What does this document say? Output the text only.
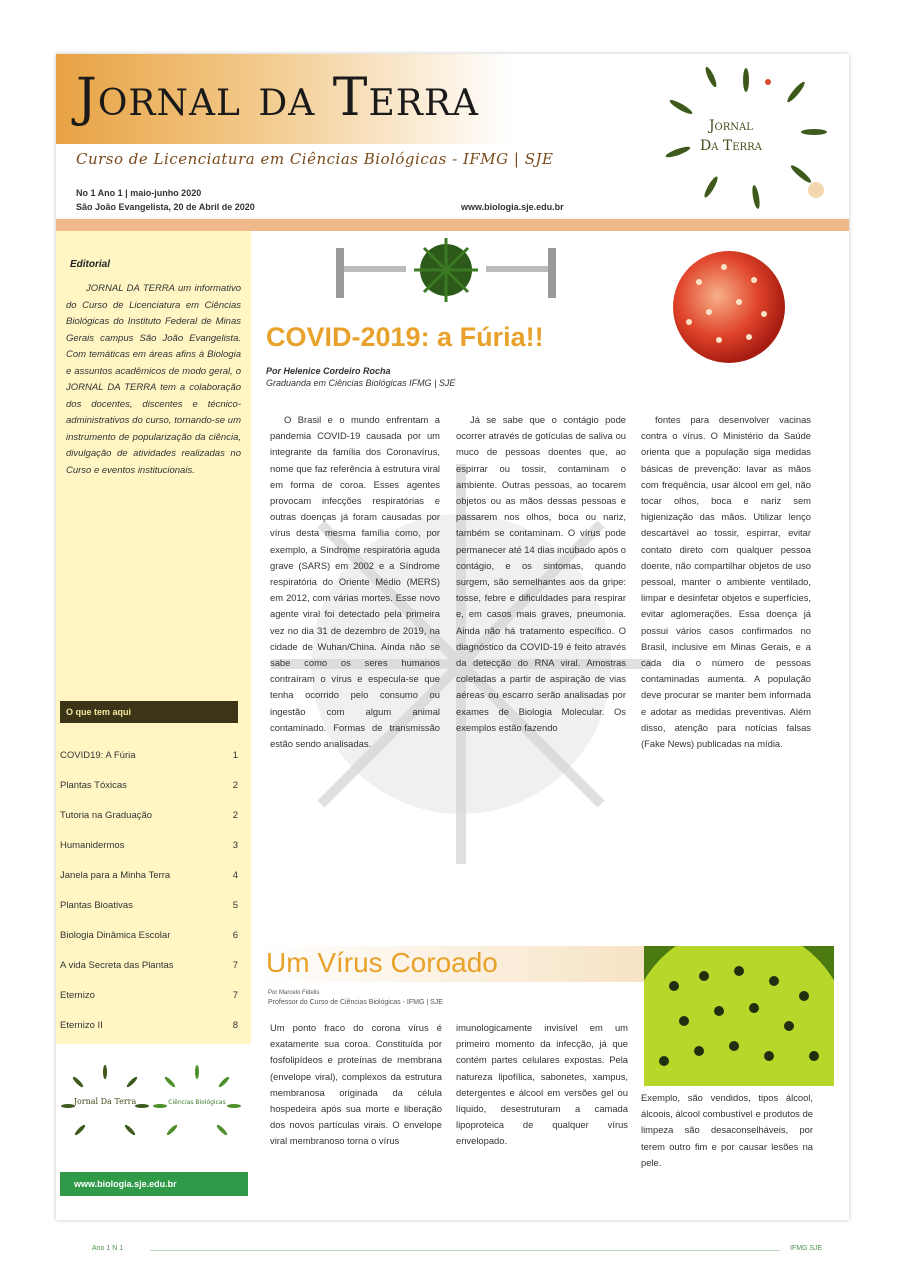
Jornal da Terra
Curso de Licenciatura em Ciências Biológicas - IFMG | SJE
No 1 Ano 1 | maio-junho 2020
São João Evangelista, 20 de Abril de 2020	www.biologia.sje.edu.br
Jornal
Da Terra
Editorial
JORNAL DA TERRA um informativo do Curso de Licenciatura em Ciências Biológicas do Instituto Federal de Minas Gerais campus São João Evangelista. Com temáticas em áreas afins à Biologia e assuntos acadêmicos de modo geral, o JORNAL DA TERRA tem a colaboração dos docentes, discentes e técnico-administrativos do curso, tornando-se um instrumento de popularização da ciência, divulgação de atividades realizadas no Curso e eventos institucionais.
O que tem aqui
COVID19: A Fúria	1
Plantas Tóxicas	2
Tutoria na Graduação	2
Humanidermos	3
Janela para a Minha Terra	4
Plantas Bioativas	5
Biologia Dinâmica Escolar	6
A vida Secreta das Plantas	7
Eternizo	7
Eternizo II	8
Jornal Da Terra	Ciências Biológicas
www.biologia.sje.edu.br
COVID-2019: a Fúria!!
Por Helenice Cordeiro Rocha
Graduanda em Ciências Biológicas IFMG | SJE

O Brasil e o mundo enfrentam a pandemia COVID-19 causada por um integrante da família dos Coronavírus, nome que faz referência à estrutura viral em forma de coroa. Esses agentes provocam infecções respiratórias e outras doenças já foram causadas por vírus desta mesma família como, por exemplo, a Síndrome respiratória aguda grave (SARS) em 2002 e a Síndrome respiratória do Oriente Médio (MERS) em 2012, com várias mortes. Esse novo agente viral foi detectado pela primeira vez no dia 31 de dezembro de 2019, na cidade de Wuhan/China. Ainda não se sabe como os seres humanos contraíram o vírus e especula-se que tenha ocorrido pelo consumo ou ingestão com algum animal contaminado. Formas de transmissão estão sendo analisadas.

Já se sabe que o contágio pode ocorrer através de gotículas de saliva ou muco de pessoas doentes que, ao espirrar ou tossir, contaminam o ambiente. Outras pessoas, ao tocarem objetos ou as mãos dessas pessoas e passarem nos olhos, boca ou nariz, também se contaminam. O vírus pode permanecer até 14 dias incubado após o contágio, e os sintomas, quando surgem, são semelhantes aos da gripe: tosse, febre e dificuldades para respirar e, em casos mais graves, pneumonia. Ainda não há tratamento específico. O diagnóstico da COVID-19 é feito através da detecção do RNA viral. Amostras coletadas a partir de aspiração de vias aéreas ou escarro serão analisadas por exames de Biologia Molecular. Os exemplos estão fazendo

fontes para desenvolver vacinas contra o vírus. O Ministério da Saúde orienta que a população siga medidas básicas de prevenção: lavar as mãos com frequência, usar álcool em gel, não tocar olhos, boca e nariz sem higienização das mãos. Utilizar lenço descartável ao tossir, espirrar, evitar contato direto com qualquer pessoa doente, não compartilhar objetos de uso pessoal, manter o ambiente ventilado, limpar e desinfetar objetos e superfícies, evitar aglomerações. Essa doença já possui vários casos confirmados no Brasil, inclusive em Minas Gerais, e a cada dia o número de pessoas contaminadas aumenta. A população deve procurar se manter bem informada e adotar as medidas preventivas. Além disso, atenção para notícias falsas (Fake News) publicadas na mídia.

Um Vírus Coroado
Por Marcelo Fidelis
Professor do Curso de Ciências Biológicas - IFMG | SJE

Um ponto fraco do corona vírus é exatamente sua coroa. Constituída por fosfolipídeos e proteínas de membrana (envelope viral), complexos da estrutura membranosa originada da célula hospedeira após sua morte e liberação dos novos partículas virais. O envelope viral membranoso torna o vírus

imunologicamente invisível em um primeiro momento da infecção, já que contém partes celulares expostas. Pela natureza lipofílica, sabonetes, xampus, detergentes e álcool em versões gel ou líquido, desestruturam a camada lipoproteica de qualquer vírus envelopado.

Exemplo, são vendidos, tipos álcool, álcoois, álcool combustível e produtos de limpeza são desaconselháveis, por terem outro fim e por causar lesões na pele.

Ano 1 N 1	IFMG SJE
